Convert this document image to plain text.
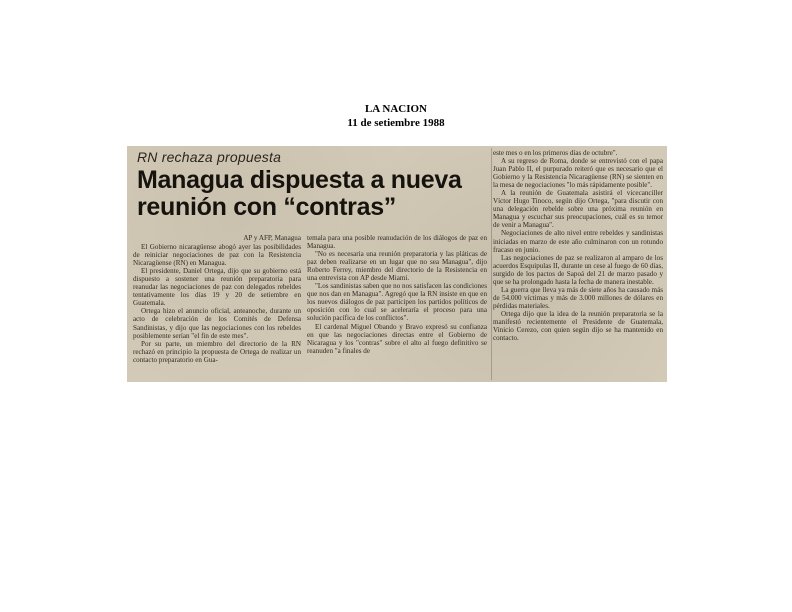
LA NACION
11 de setiembre 1988
RN rechaza propuesta
Managua dispuesta a nueva reunión con “contras”

AP y AFP, Managua

El Gobierno nicaragüense abogó ayer las posibilidades de reiniciar negociaciones de paz con la Resistencia Nicaragüense (RN) en Managua.

El presidente, Daniel Ortega, dijo que su gobierno está dispuesto a sostener una reunión preparatoria para reanudar las negociaciones de paz con delegados rebeldes tentativamente los días 19 y 20 de setiembre en Guatemala.

Ortega hizo el anuncio oficial, anteanoche, durante un acto de celebración de los Comités de Defensa Sandinistas, y dijo que las negociaciones con los rebeldes posiblemente serían "el fin de este mes".

Por su parte, un miembro del directorio de la RN rechazó en principio la propuesta de Ortega de realizar un contacto preparatorio en Gua-

temala para una posible reanudación de los diálogos de paz en Managua.

"No es necesaria una reunión preparatoria y las pláticas de paz deben realizarse en un lugar que no sea Managua", dijo Roberto Ferrey, miembro del directorio de la Resistencia en una entrevista con AP desde Miami.

"Los sandinistas saben que no nos satisfacen las condiciones que nos dan en Managua". Agregó que la RN insiste en que en los nuevos diálogos de paz participen los partidos políticos de oposición con lo cual se aceleraría el proceso para una solución pacífica de los conflictos".

El cardenal Miguel Obando y Bravo expresó su confianza en que las negociaciones directas entre el Gobierno de Nicaragua y los "contras" sobre el alto al fuego definitivo se reanuden "a finales de

este mes o en los primeros días de octubre".

A su regreso de Roma, donde se entrevistó con el papa Juan Pablo II, el purpurado reiteró que es necesario que el Gobierno y la Resistencia Nicaragüense (RN) se sienten en la mesa de negociaciones "lo más rápidamente posible".

A la reunión de Guatemala asistirá el vicecanciller Víctor Hugo Tinoco, según dijo Ortega, "para discutir con una delegación rebelde sobre una próxima reunión en Managua y escuchar sus preocupaciones, cuál es su temor de venir a Managua".

Negociaciones de alto nivel entre rebeldes y sandinistas iniciadas en marzo de este año culminaron con un rotundo fracaso en junio.

Las negociaciones de paz se realizaron al amparo de los acuerdos Esquipulas II, durante un cese al fuego de 60 días, surgido de los pactos de Sapoá del 21 de marzo pasado y que se ha prolongado hasta la fecha de manera inestable.

La guerra que lleva ya más de siete años ha causado más de 54.000 víctimas y más de 3.000 millones de dólares en pérdidas materiales.

Ortega dijo que la idea de la reunión preparatoria se la manifestó recientemente el Presidente de Guatemala, Vinicio Cerezo, con quien según dijo se ha mantenido en contacto.
